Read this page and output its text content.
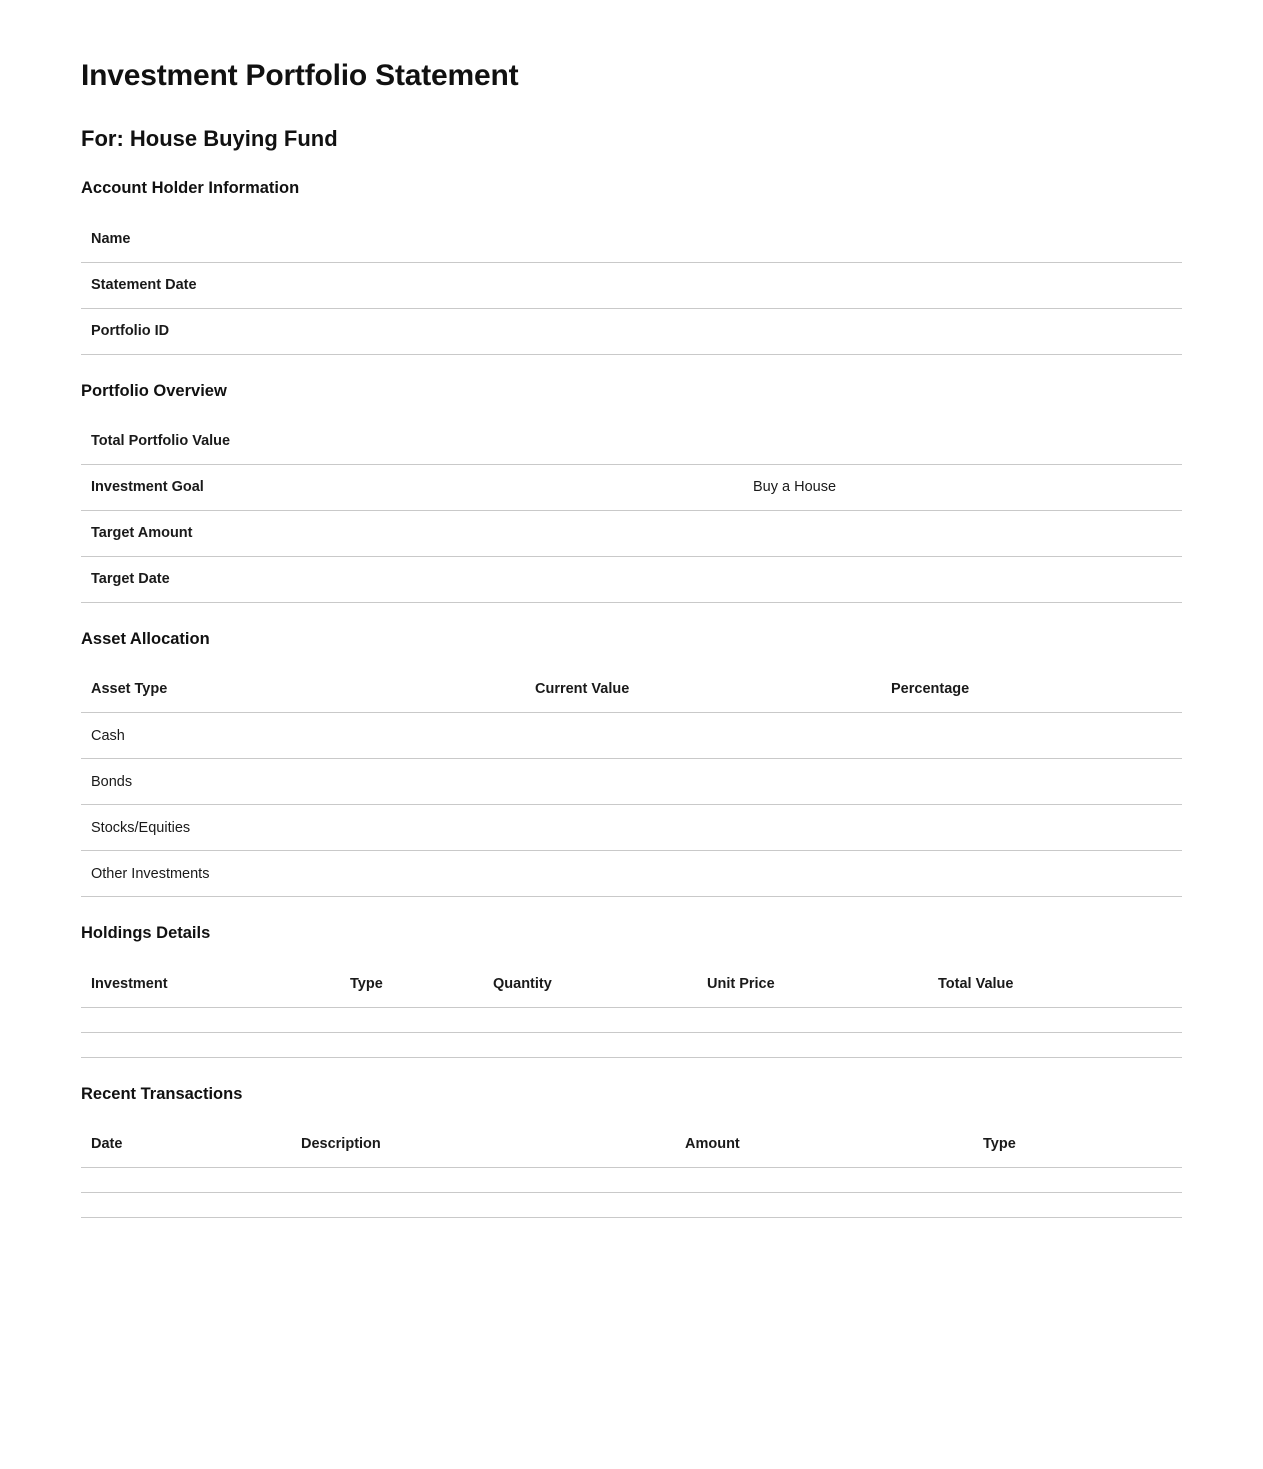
Investment Portfolio Statement
For: House Buying Fund
Account Holder Information
Name	
Statement Date	
Portfolio ID	
Portfolio Overview
Total Portfolio Value	
Investment Goal	Buy a House
Target Amount	
Target Date	
Asset Allocation
Asset Type	Current Value	Percentage
Cash		
Bonds		
Stocks/Equities		
Other Investments		
Holdings Details
Investment	Type	Quantity	Unit Price	Total Value

Recent Transactions
Date	Description	Amount	Type
